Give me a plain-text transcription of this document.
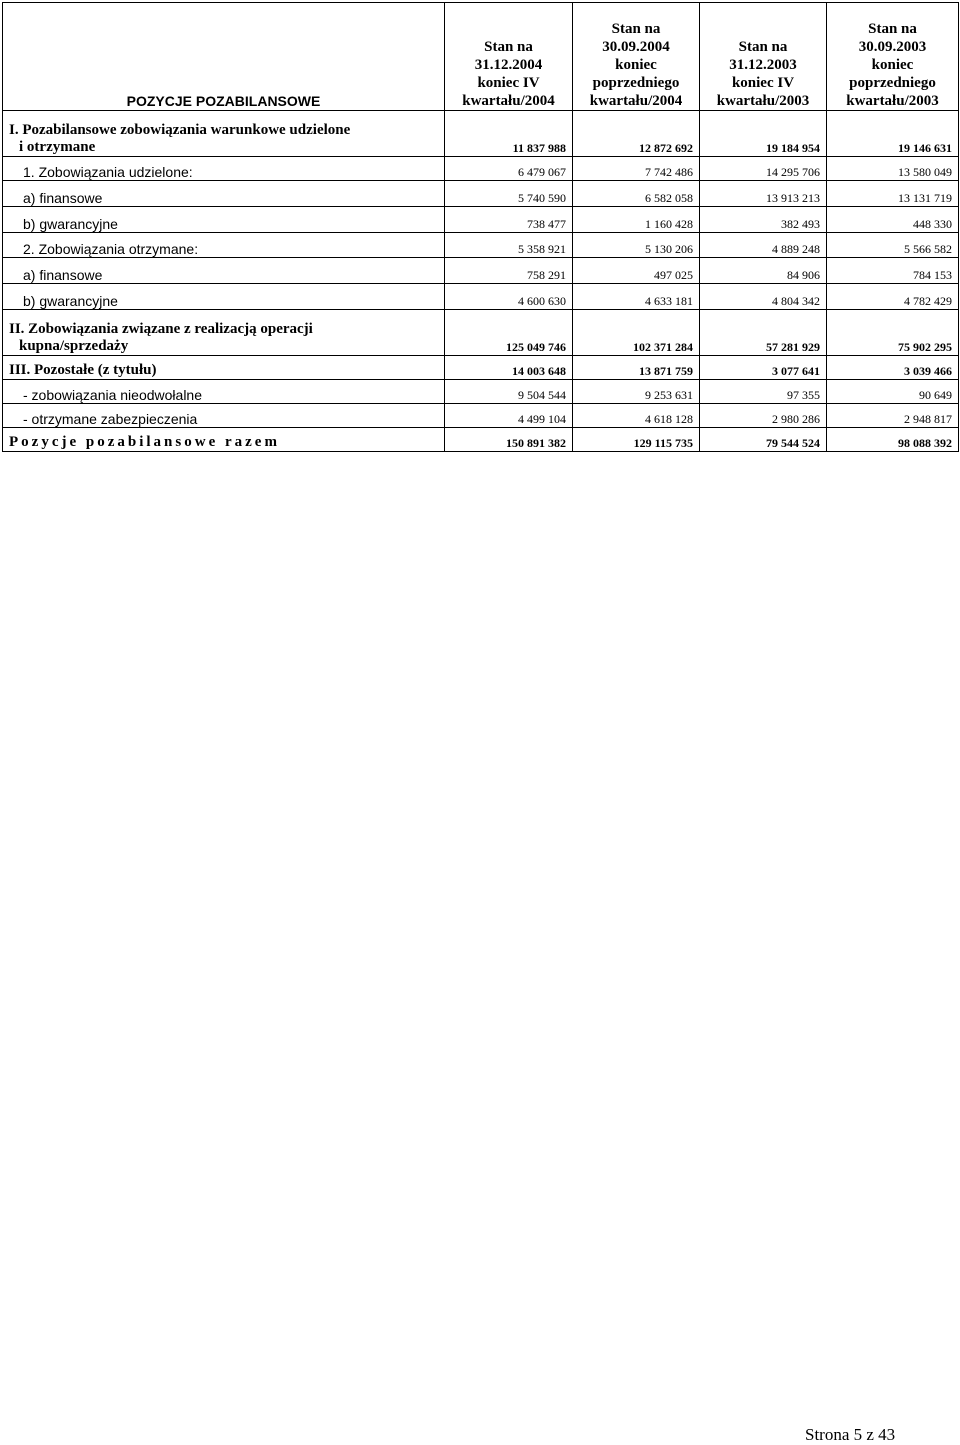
POZYCJE POZABILANSOWE	Stan na
31.12.2004
koniec IV
kwartału/2004	Stan na
30.09.2004
koniec
poprzedniego
kwartału/2004	Stan na
31.12.2003
koniec IV
kwartału/2003	Stan na
30.09.2003
koniec
poprzedniego
kwartału/2003
I. Pozabilansowe zobowiązania warunkowe udzielone
i otrzymane	11 837 988	12 872 692	19 184 954	19 146 631
1. Zobowiązania udzielone:	6 479 067	7 742 486	14 295 706	13 580 049
a) finansowe	5 740 590	6 582 058	13 913 213	13 131 719
b) gwarancyjne	738 477	1 160 428	382 493	448 330
2. Zobowiązania otrzymane:	5 358 921	5 130 206	4 889 248	5 566 582
a) finansowe	758 291	497 025	84 906	784 153
b) gwarancyjne	4 600 630	4 633 181	4 804 342	4 782 429
II. Zobowiązania związane z realizacją operacji
kupna/sprzedaży	125 049 746	102 371 284	57 281 929	75 902 295
III. Pozostałe (z tytułu)	14 003 648	13 871 759	3 077 641	3 039 466
- zobowiązania nieodwołalne	9 504 544	9 253 631	97 355	90 649
- otrzymane zabezpieczenia	4 499 104	4 618 128	2 980 286	2 948 817
Pozycje pozabilansowe razem	150 891 382	129 115 735	79 544 524	98 088 392
Strona 5 z 43
